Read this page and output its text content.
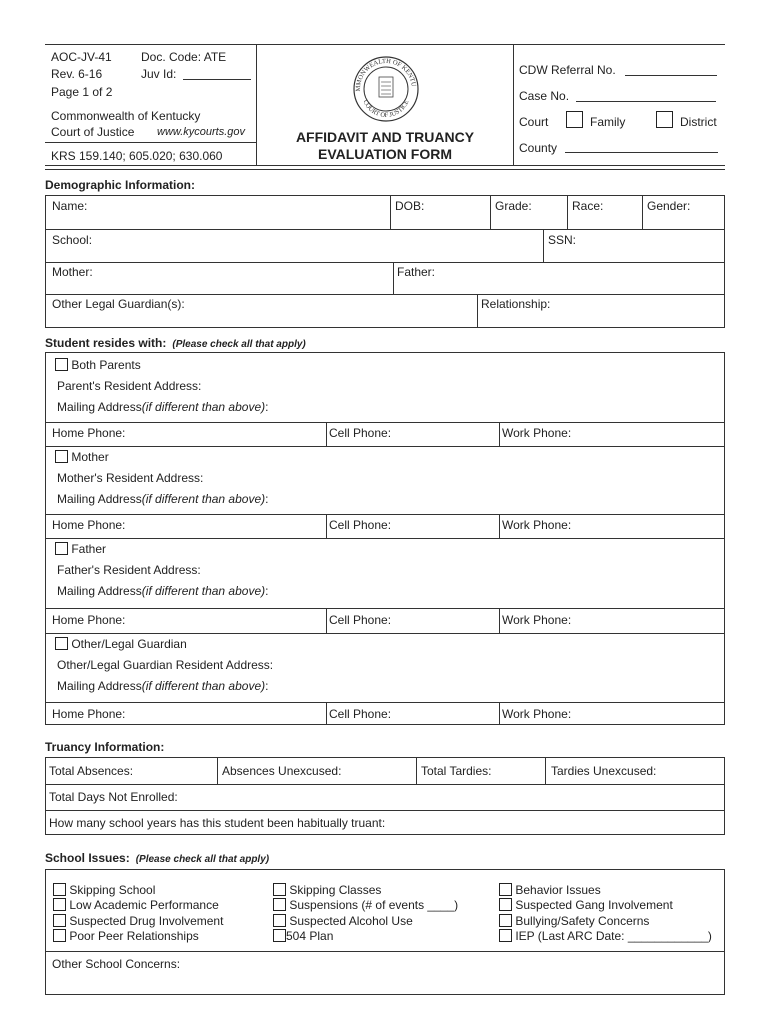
AOC-JV-41 Doc. Code: ATE
Rev. 6-16	Juv Id:
Page 1 of 2
Commonwealth of Kentucky
Court of Justice www.kycourts.gov
KRS 159.140; 605.020; 630.060
MMONWEALTH OF KENTU
COURT OF JUSTICE
AFFIDAVIT AND TRUANCY
EVALUATION FORM
CDW Referral No.
Case No.
Court	Family	District
County
Demographic Information:
Name:	DOB:	Grade:	Race:	Gender:
School:	SSN:
Mother:	Father:
Other Legal Guardian(s):	Relationship:
Student resides with: (Please check all that apply)
Both Parents
Parent's Resident Address:
Mailing Address(if different than above):
Home Phone:	Cell Phone:	Work Phone:
Mother
Mother's Resident Address:
Mailing Address(if different than above):
Home Phone:	Cell Phone:	Work Phone:
Father
Father's Resident Address:
Mailing Address(if different than above):
Home Phone:	Cell Phone:	Work Phone:
Other/Legal Guardian
Other/Legal Guardian Resident Address:
Mailing Address(if different than above):
Home Phone:	Cell Phone:	Work Phone:
Truancy Information:
Total Absences:	Absences Unexcused:	Total Tardies:	Tardies Unexcused:
Total Days Not Enrolled:
How many school years has this student been habitually truant:
School Issues: (Please check all that apply)
Skipping School
Low Academic Performance
Suspected Drug Involvement
Poor Peer Relationships
Skipping Classes
Suspensions (# of events ____)
Suspected Alcohol Use
504 Plan
Behavior Issues
Suspected Gang Involvement
Bullying/Safety Concerns
IEP (Last ARC Date: ____________)
Other School Concerns:
